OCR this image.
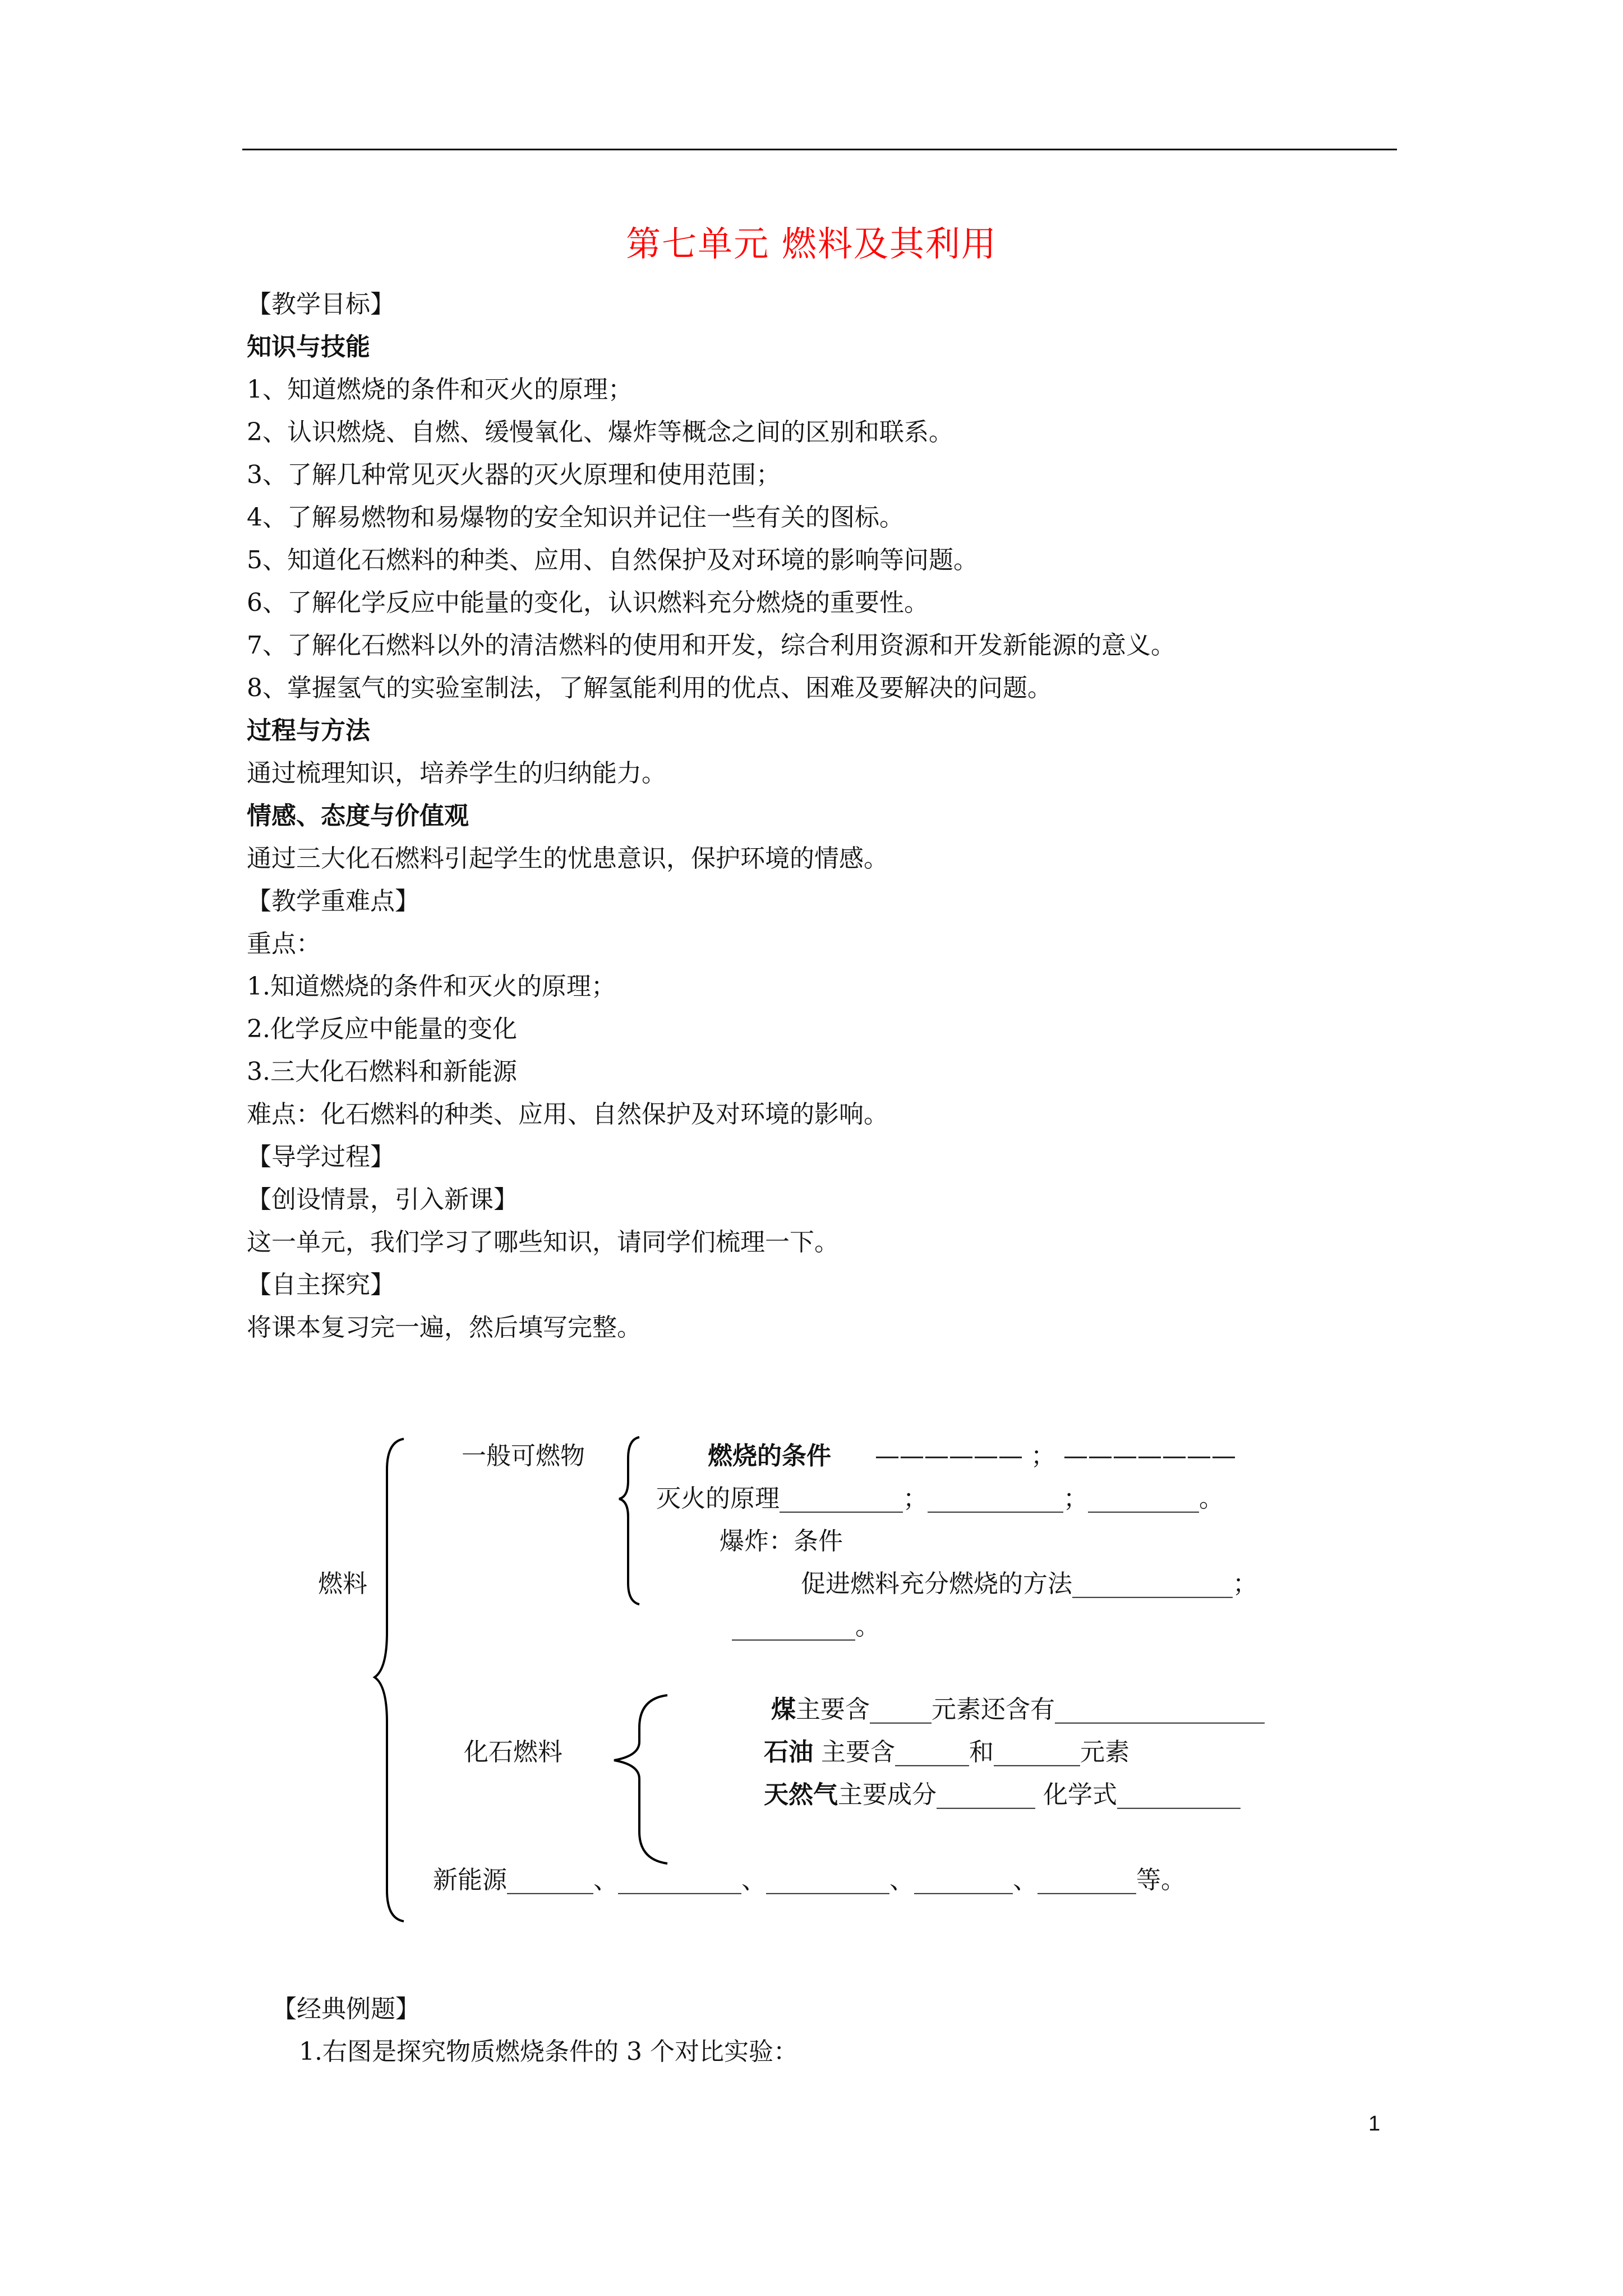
第七单元 燃料及其利用
【教学目标】
知识与技能
1、知道燃烧的条件和灭火的原理；
2、认识燃烧、自燃、缓慢氧化、爆炸等概念之间的区别和联系。
3、了解几种常见灭火器的灭火原理和使用范围；
4、了解易燃物和易爆物的安全知识并记住一些有关的图标。
5、知道化石燃料的种类、应用、自然保护及对环境的影响等问题。
6、了解化学反应中能量的变化，认识燃料充分燃烧的重要性。
7、了解化石燃料以外的清洁燃料的使用和开发，综合利用资源和开发新能源的意义。
8、掌握氢气的实验室制法，了解氢能利用的优点、困难及要解决的问题。
过程与方法
通过梳理知识，培养学生的归纳能力。
情感、态度与价值观
通过三大化石燃料引起学生的忧患意识，保护环境的情感。
【教学重难点】
重点：
1.知道燃烧的条件和灭火的原理；
2.化学反应中能量的变化
3.三大化石燃料和新能源
难点：化石燃料的种类、应用、自然保护及对环境的影响。
【导学过程】
【创设情景，引入新课】
这一单元，我们学习了哪些知识，请同学们梳理一下。
【自主探究】
将课本复习完一遍，然后填写完整。
一般可燃物	燃烧的条件 —————— ； ———————
灭火的原理__________；___________；_________。
爆炸：条件
燃料	促进燃料充分燃烧的方法_____________；
__________。
煤主要含_____元素还含有_________________
化石燃料	石油 主要含______和_______元素
天然气主要成分________ 化学式__________
新能源_______、__________、__________、________、________等。
【经典例题】
1.右图是探究物质燃烧条件的 3 个对比实验：
1
